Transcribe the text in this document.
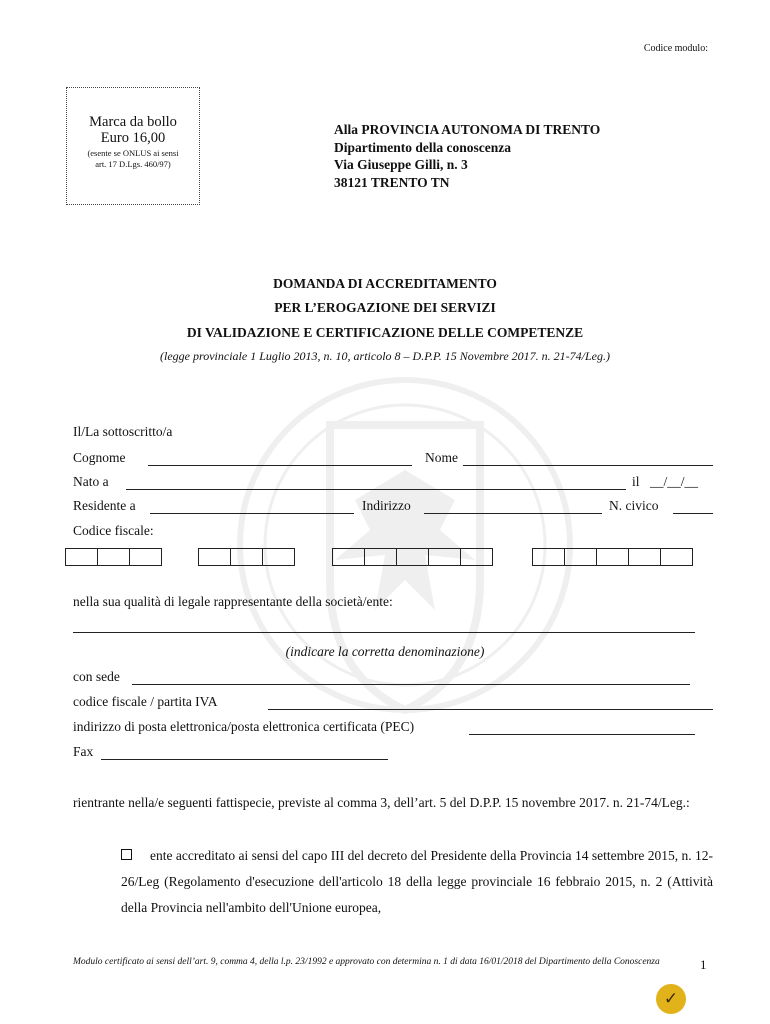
Codice modulo:
Marca da bollo
Euro 16,00
(esente se ONLUS ai sensi
art. 17 D.Lgs. 460/97)
Alla PROVINCIA AUTONOMA DI TRENTO
Dipartimento della conoscenza
Via Giuseppe Gilli, n. 3
38121 TRENTO TN
DOMANDA DI ACCREDITAMENTO
PER L’EROGAZIONE DEI SERVIZI
DI VALIDAZIONE E CERTIFICAZIONE DELLE COMPETENZE
(legge provinciale 1 Luglio 2013, n. 10, articolo 8 – D.P.P. 15 Novembre 2017. n. 21-74/Leg.)
Il/La sottoscritto/a
Cognome	Nome
Nato a	il __/__/__
Residente a	Indirizzo	N. civico
Codice fiscale:
nella sua qualità di legale rappresentante della società/ente:
(indicare la corretta denominazione)
con sede
codice fiscale / partita IVA
indirizzo di posta elettronica/posta elettronica certificata (PEC)
Fax
rientrante nella/e seguenti fattispecie, previste al comma 3, dell’art. 5 del D.P.P. 15 novembre 2017. n. 21-74/Leg.:
ente accreditato ai sensi del capo III del decreto del Presidente della Provincia 14 settembre 2015, n. 12-26/Leg (Regolamento d'esecuzione dell'articolo 18 della legge provinciale 16 febbraio 2015, n. 2 (Attività della Provincia nell'ambito dell'Unione europea,
Modulo certificato ai sensi dell’art. 9, comma 4, della l.p. 23/1992 e approvato con determina n. 1 di data 16/01/2018 del Dipartimento della Conoscenza	1
✓
